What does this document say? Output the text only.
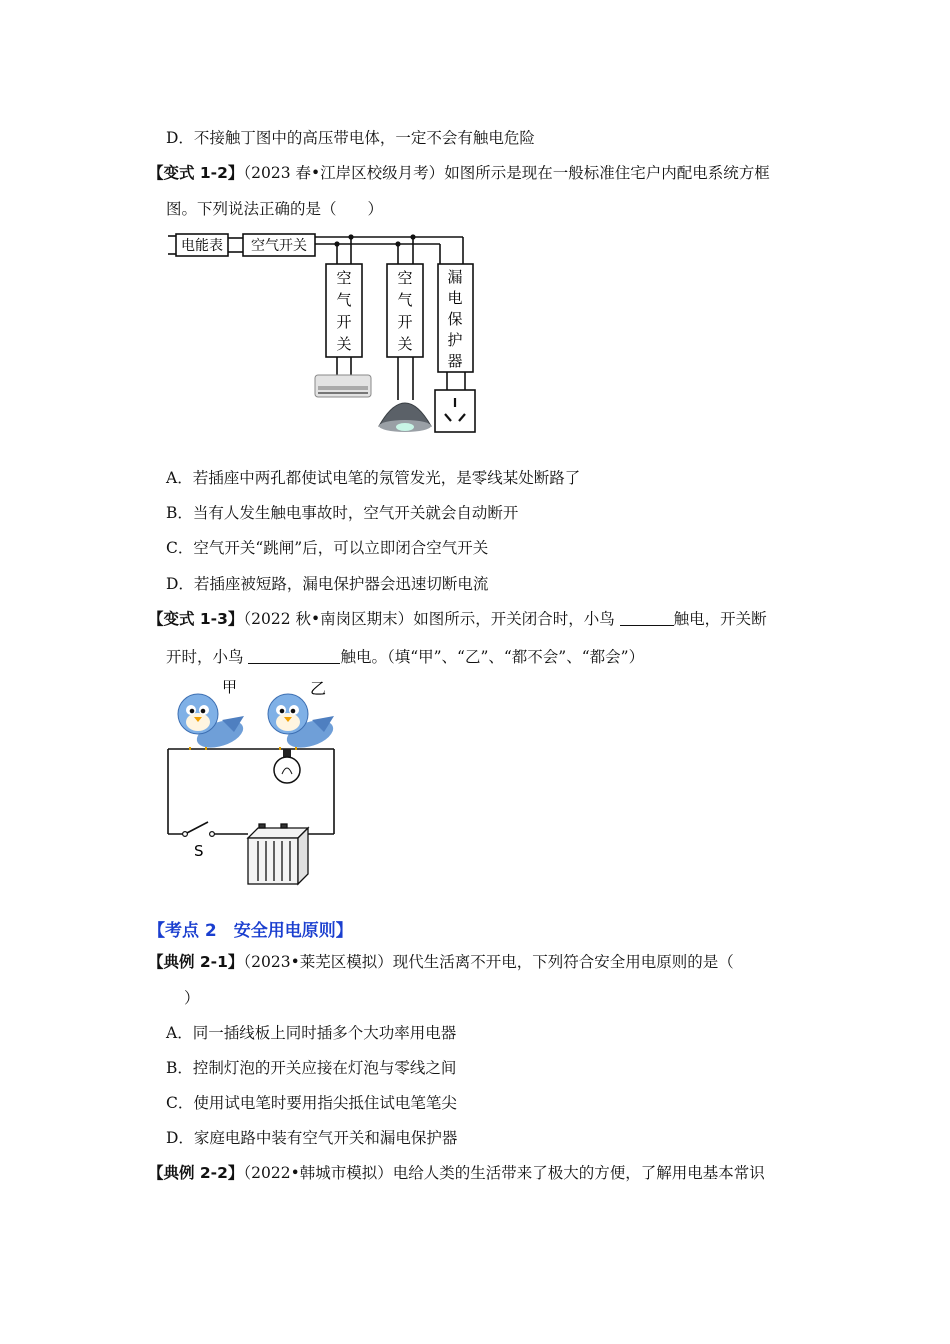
D．不接触丁图中的高压带电体，一定不会有触电危险
【变式 1-2】（2023 春•江岸区校级月考）如图所示是现在一般标准住宅户内配电系统方框
图。下列说法正确的是（　　）
电能表 空气开关
空
气
开
关
空
气
开
关
漏
电
保
护
器
A．若插座中两孔都使试电笔的氖管发光，是零线某处断路了
B．当有人发生触电事故时，空气开关就会自动断开
C．空气开关“跳闸”后，可以立即闭合空气开关
D．若插座被短路，漏电保护器会迅速切断电流
【变式 1-3】（2022 秋•南岗区期末）如图所示，开关闭合时，小鸟	触电，开关断
开时，小鸟	触电。（填“甲”、“乙”、“都不会”、“都会”）
甲	乙
S
【考点 2　安全用电原则】
【典例 2-1】（2023•莱芜区模拟）现代生活离不开电，下列符合安全用电原则的是（
）
A．同一插线板上同时插多个大功率用电器
B．控制灯泡的开关应接在灯泡与零线之间
C．使用试电笔时要用指尖抵住试电笔笔尖
D．家庭电路中装有空气开关和漏电保护器
【典例 2-2】（2022•韩城市模拟）电给人类的生活带来了极大的方便，了解用电基本常识
